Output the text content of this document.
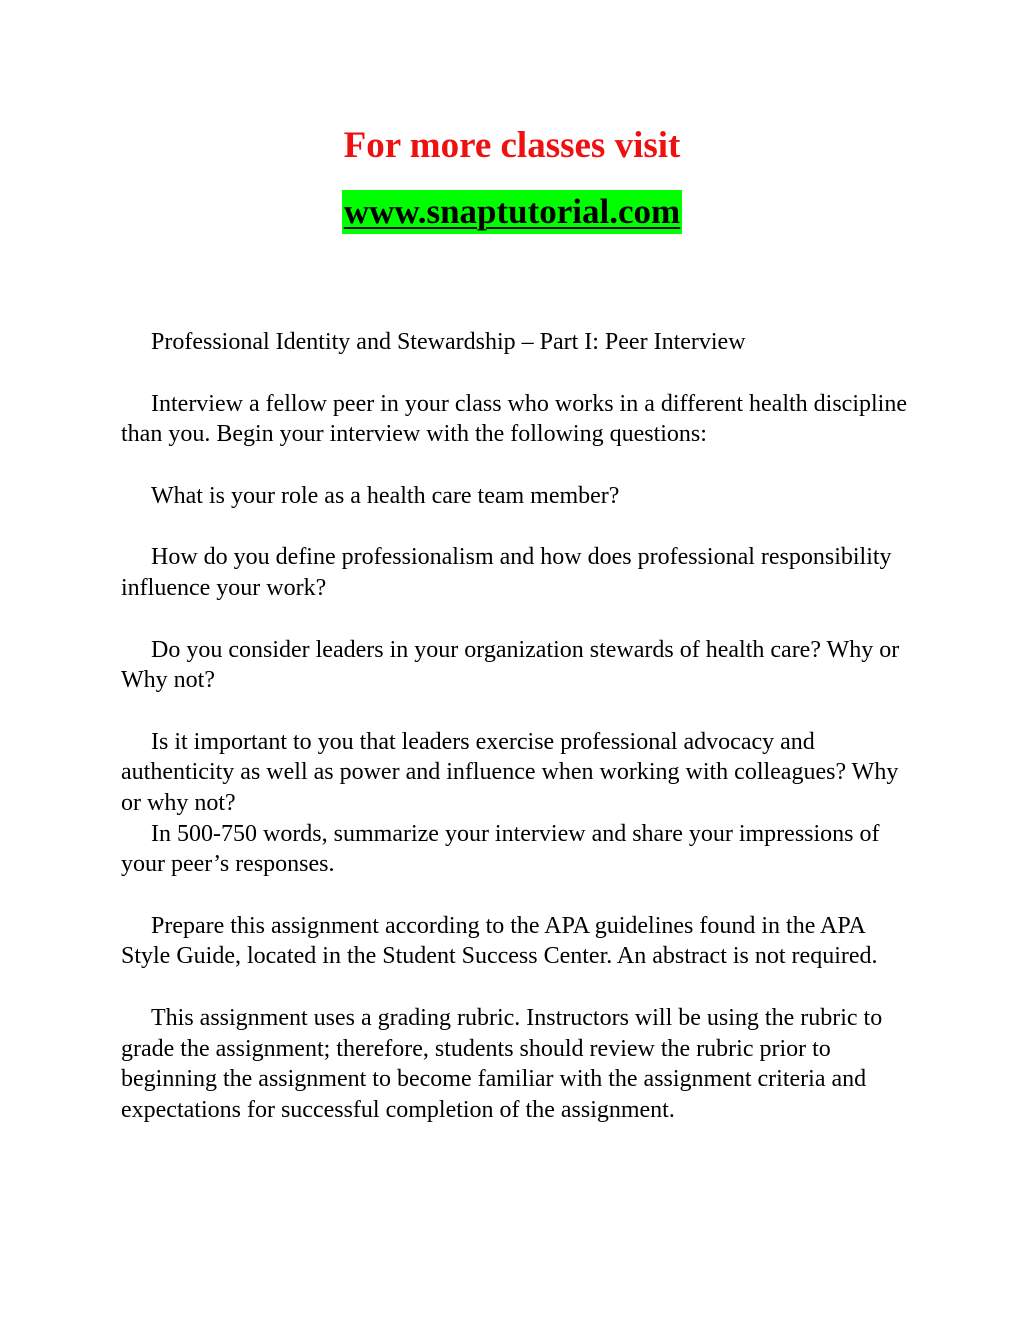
For more classes visit
www.snaptutorial.com

Professional Identity and Stewardship – Part I: Peer Interview

Interview a fellow peer in your class who works in a different health discipline than you. Begin your interview with the following questions:

What is your role as a health care team member?

How do you define professionalism and how does professional responsibility influence your work?

Do you consider leaders in your organization stewards of health care? Why or Why not?

Is it important to you that leaders exercise professional advocacy and authenticity as well as power and influence when working with colleagues? Why or why not?

In 500-750 words, summarize your interview and share your impressions of your peer’s responses.

Prepare this assignment according to the APA guidelines found in the APA Style Guide, located in the Student Success Center. An abstract is not required.

This assignment uses a grading rubric. Instructors will be using the rubric to grade the assignment; therefore, students should review the rubric prior to beginning the assignment to become familiar with the assignment criteria and expectations for successful completion of the assignment.
